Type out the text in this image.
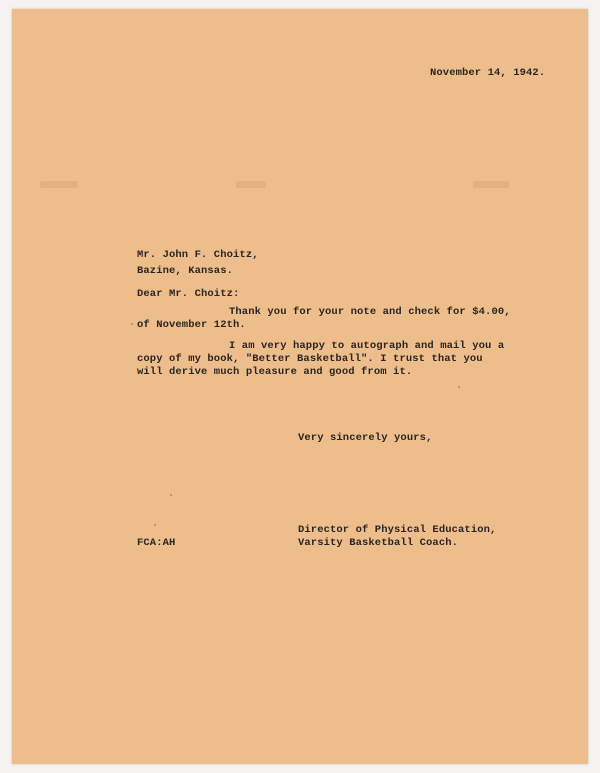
November 14, 1942.
Mr. John F. Choitz,
Bazine, Kansas.
Dear Mr. Choitz:
Thank you for your note and check for $4.00,
of November 12th.
I am very happy to autograph and mail you a
copy of my book, "Better Basketball". I trust that you
will derive much pleasure and good from it.
Very sincerely yours,
Director of Physical Education,
Varsity Basketball Coach.
FCA:AH
